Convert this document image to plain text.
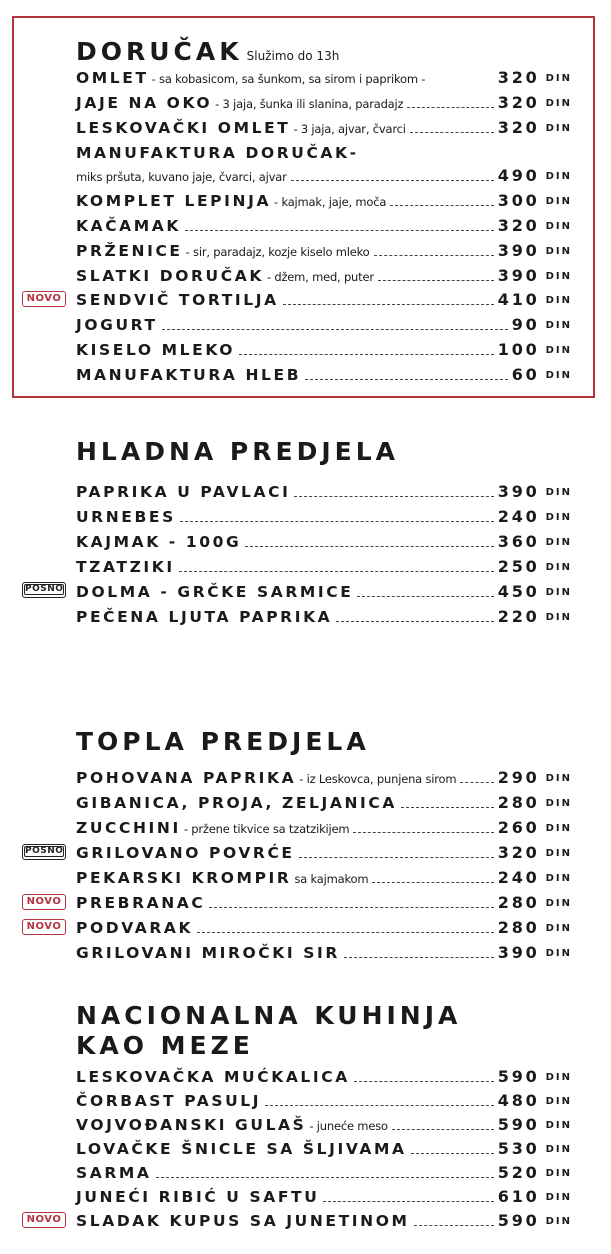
DORUČAK Služimo do 13h
OMLET - sa kobasicom, sa šunkom, sa sirom i paprikom -	320 DIN
JAJE NA OKO - 3 jaja, šunka ili slanina, paradajz	320 DIN
LESKOVAČKI OMLET - 3 jaja, ajvar, čvarci	320 DIN
MANUFAKTURA DORUČAK -
miks pršuta, kuvano jaje, čvarci, ajvar	490 DIN
KOMPLET LEPINJA - kajmak, jaje, moča	300 DIN
KAČAMAK	320 DIN
PRŽENICE - sir, paradajz, kozje kiselo mleko	390 DIN
SLATKI DORUČAK - džem, med, puter	390 DIN
NOVO SENDVIČ TORTILJA	410 DIN
JOGURT	90 DIN
KISELO MLEKO	100 DIN
MANUFAKTURA HLEB	60 DIN
HLADNA PREDJELA
PAPRIKA U PAVLACI	390 DIN
URNEBES	240 DIN
KAJMAK - 100G	360 DIN
TZATZIKI	250 DIN
POSNO DOLMA - GRČKE SARMICE	450 DIN
PEČENA LJUTA PAPRIKA	220 DIN
TOPLA PREDJELA
POHOVANA PAPRIKA - iz Leskovca, punjena sirom	290 DIN
GIBANICA, PROJA, ZELJANICA	280 DIN
ZUCCHINI - pržene tikvice sa tzatzikijem	260 DIN
POSNO GRILOVANO POVRĆE	320 DIN
PEKARSKI KROMPIR sa kajmakom	240 DIN
NOVO PREBRANAC	280 DIN
NOVO PODVARAK	280 DIN
GRILOVANI MIROČKI SIR	390 DIN
NACIONALNA KUHINJA
KAO MEZE
LESKOVAČKA MUĆKALICA	590 DIN
ČORBAST PASULJ	480 DIN
VOJVOĐANSKI GULAŠ - juneće meso	590 DIN
LOVAČKE ŠNICLE SA ŠLJIVAMA	530 DIN
SARMA	520 DIN
JUNEĆI RIBIĆ U SAFTU	610 DIN
NOVO SLADAK KUPUS SA JUNETINOM	590 DIN
